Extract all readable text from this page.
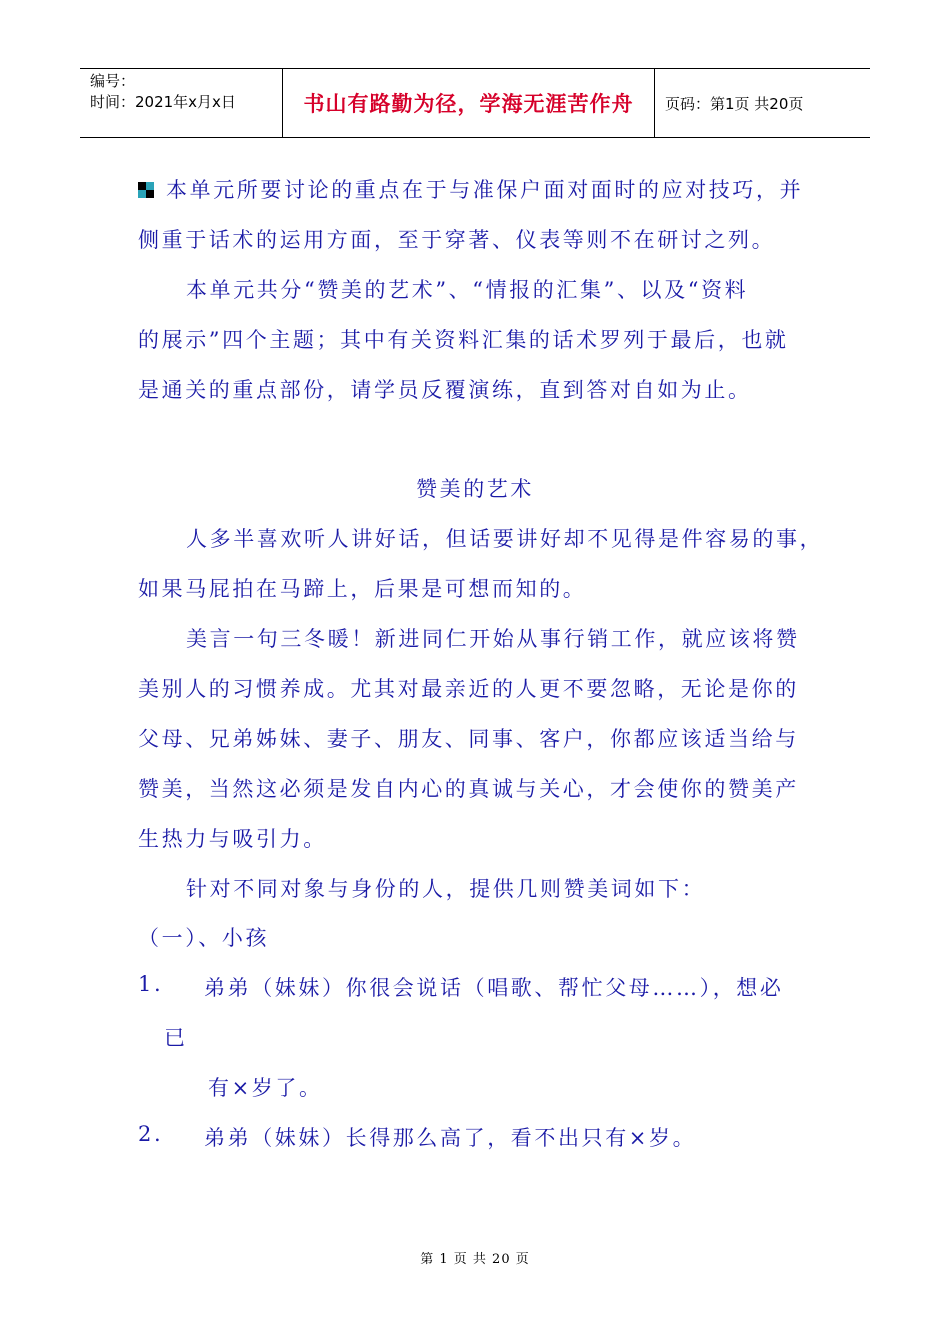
编号：
时间：2021年x月x日	书山有路勤为径，学海无涯苦作舟 页码：第1页 共20页
本单元所要讨论的重点在于与准保户面对面时的应对技巧，并
侧重于话术的运用方面，至于穿著、仪表等则不在研讨之列。
本单元共分“赞美的艺术”、“情报的汇集”、以及“资料
的展示”四个主题；其中有关资料汇集的话术罗列于最后，也就
是通关的重点部份，请学员反覆演练，直到答对自如为止。
赞美的艺术
人多半喜欢听人讲好话，但话要讲好却不见得是件容易的事，
如果马屁拍在马蹄上，后果是可想而知的。
美言一句三冬暖！新进同仁开始从事行销工作，就应该将赞
美别人的习惯养成。尤其对最亲近的人更不要忽略，无论是你的
父母、兄弟姊妹、妻子、朋友、同事、客户，你都应该适当给与
赞美，当然这必须是发自内心的真诚与关心，才会使你的赞美产
生热力与吸引力。
针对不同对象与身份的人，提供几则赞美词如下：
（一）、小孩
1. 弟弟（妹妹）你很会说话（唱歌、帮忙父母……），想必
已
有×岁了。
2. 弟弟（妹妹）长得那么高了，看不出只有×岁。
第 1 页 共 20 页
